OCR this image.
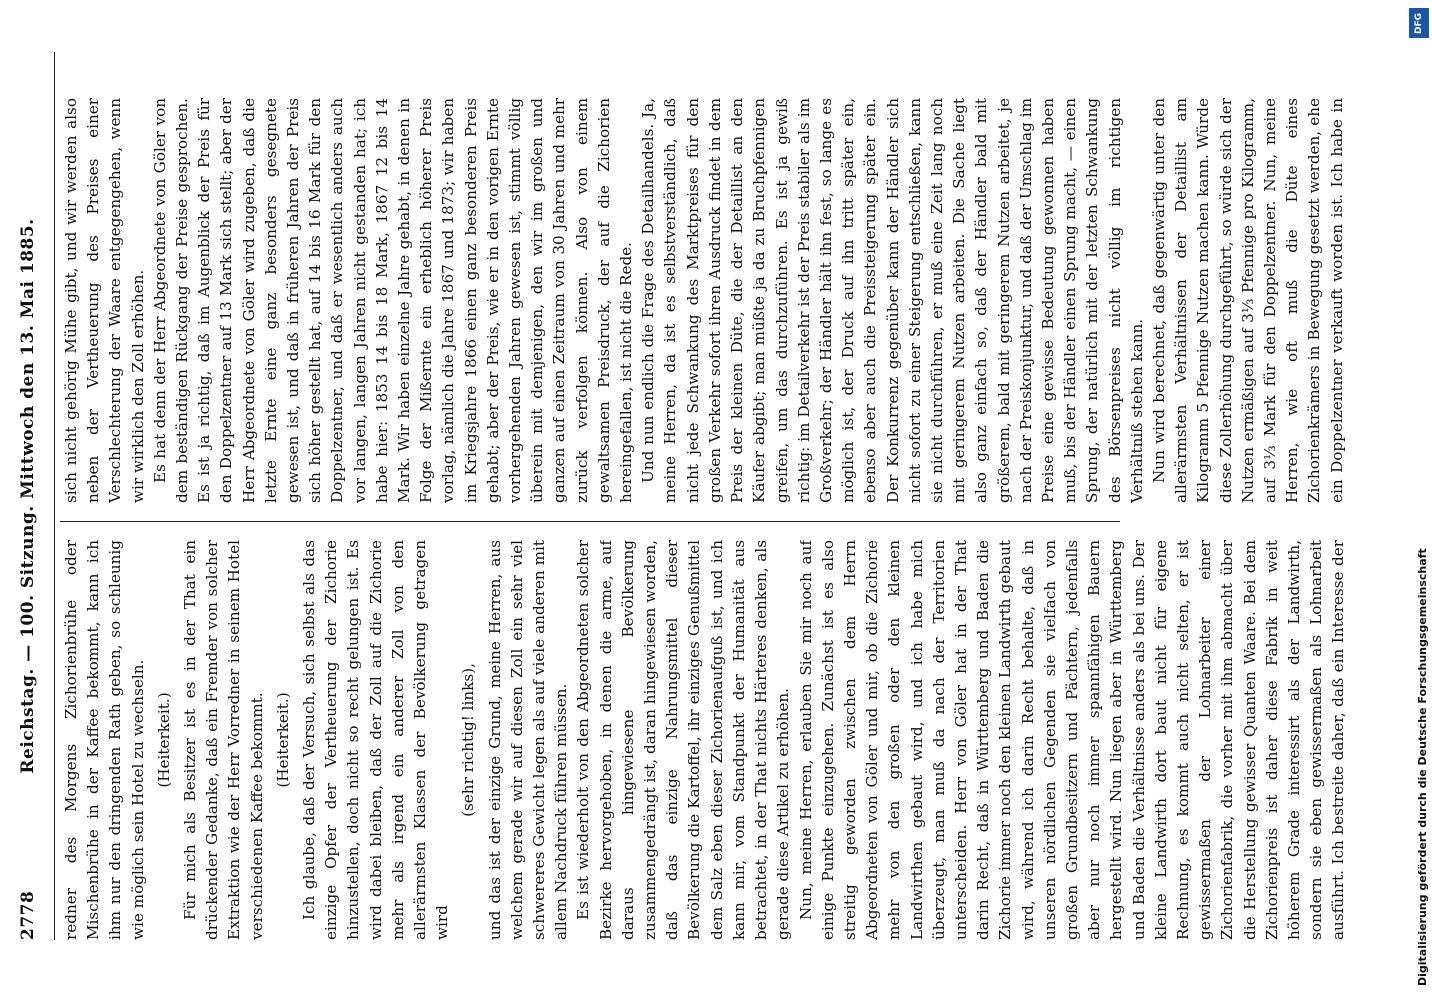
2778
Reichstag. — 100. Sitzung. Mittwoch den 13. Mai 1885. redner des Morgens Zichorienbrühe oder Mischenbrühe in der Kaffee bekommt, kann ich ihm nur den dringenden Rath geben, so schleunig wie möglich sein Hotel zu wechseln. (Heiterkeit.) Für mich als Besitzer ist es in der That ein drückender Gedanke, daß ein Fremder von solcher Extraktion wie der Herr Vorredner in seinem Hotel verschiedenen Kaffee bekommt. (Heiterkeit.) Ich glaube, daß der Versuch, sich selbst als das einzige Opfer der Vertheuerung der Zichorie hinzustellen, doch nicht so recht gelungen ist. Es wird dabei bleiben, daß der Zoll auf die Zichorie mehr als irgend ein anderer Zoll von den allerärmsten Klassen der Bevölkerung getragen wird

(sehr richtig! links), und das ist der einzige Grund, meine Herren, aus welchem gerade wir auf diesen Zoll ein sehr viel schwereres Gewicht legen als auf viele anderen mit allem Nachdruck führen müssen. Es ist wiederholt von den Abgeordneten solcher Bezirke hervorgehoben, in denen die arme, auf daraus hingewiesene Bevölkerung zusammengedrängt ist, daran hingewiesen worden, daß das einzige Nahrungsmittel dieser Bevölkerung die Kartoffel, ihr einziges Genußmittel dem Salz eben dieser Zichorienaufguß ist, und ich kann mir, vom Standpunkt der Humanität aus betrachtet, in der That nichts Härteres denken, als gerade diese Artikel zu erhöhen. Nun, meine Herren, erlauben Sie mir noch auf einige Punkte einzugehen. Zunächst ist es also streitig geworden zwischen dem Herrn Abgeordneten von Göler und mir, ob die Zichorie mehr von den großen oder den kleinen Landwirthen gebaut wird, und ich habe mich überzeugt, man muß da nach der Territorien unterscheiden. Herr von Göler hat in der That darin Recht, daß in Württemberg und Baden die Zichorie immer noch den kleinen Landwirth gebaut wird, während ich darin Recht behalte, daß in unseren nördlichen Gegenden sie vielfach von großen Grundbesitzern und Pächtern, jedenfalls aber nur noch immer spannfähigen Bauern hergestellt wird. Nun liegen aber in Württemberg und Baden die Verhältnisse anders als bei uns. Der kleine Landwirth dort baut nicht für eigene Rechnung, es kommt auch nicht selten, er ist gewissermaßen der Lohnarbeiter einer Zichorienfabrik, die vorher mit ihm abmacht über die Herstellung gewisser Quanten Waare. Bei dem Zichorienpreis ist daher diese Fabrik in weit höherem Grade interessirt als der Landwirth, sondern sie eben gewissermaßen als Lohnarbeit ausführt. Ich bestreite daher, daß ein Interesse der

sich nicht gehörig Mühe gibt, und wir werden also neben der Vertheuerung des Preises einer Verschlechterung der Waare entgegengehen, wenn wir wirklich den Zoll erhöhen. Es hat denn der Herr Abgeordnete von Göler von dem beständigen Rückgang der Preise gesprochen. Es ist ja richtig, daß im Augenblick der Preis für den Doppelzentner auf 13 Mark sich stellt; aber der Herr Abgeordnete von Göler wird zugeben, daß die letzte Ernte eine ganz besonders gesegnete gewesen ist, und daß in früheren Jahren der Preis sich höher gestellt hat, auf 14 bis 16 Mark für den Doppelzentner, und daß er wesentlich anders auch vor langen, langen Jahren nicht gestanden hat; ich habe hier: 1853 14 bis 18 Mark, 1867 12 bis 14 Mark. Wir haben einzelne Jahre gehabt, in denen in Folge der Mißernte ein erheblich höherer Preis vorlag, nämlich die Jahre 1867 und 1873; wir haben im Kriegsjahre 1866 einen ganz besonderen Preis gehabt; aber der Preis, wie er in den vorigen Ernte vorhergehenden Jahren gewesen ist, stimmt völlig überein mit demjenigen, den wir im großen und ganzen auf einen Zeitraum von 30 Jahren und mehr zurück verfolgen können. Also von einem gewaltsamen Preisdruck, der auf die Zichorien hereingefallen, ist nicht die Rede. Und nun endlich die Frage des Detailhandels. Ja, meine Herren, da ist es selbstverständlich, daß nicht jede Schwankung des Marktpreises für den großen Verkehr sofort ihren Ausdruck findet in dem Preis der kleinen Düte, die der Detaillist an den Käufer abgibt; man müßte ja da zu Bruchpfennigen greifen, um das durchzuführen. Es ist ja gewiß richtig: im Detailverkehr ist der Preis stabiler als im Großverkehr; der Händler hält ihn fest, so lange es möglich ist, der Druck auf ihn tritt später ein, ebenso aber auch die Preissteigerung später ein. Der Konkurrenz gegenüber kann der Händler sich nicht sofort zu einer Steigerung entschließen, kann sie nicht durchführen, er muß eine Zeit lang noch mit geringerem Nutzen arbeiten. Die Sache liegt also ganz einfach so, daß der Händler bald mit größerem, bald mit geringerem Nutzen arbeitet, je nach der Preiskonjunktur, und daß der Umschlag im Preise eine gewisse Bedeutung gewonnen haben muß, bis der Händler einen Sprung macht, — einen Sprung, der natürlich mit der letzten Schwankung des Börsenpreises nicht völlig im richtigen Verhältniß stehen kann. Nun wird berechnet, daß gegenwärtig unter den allerärmsten Verhältnissen der Detaillist am Kilogramm 5 Pfennige Nutzen machen kann. Würde diese Zollerhöhung durchgeführt, so würde sich der Nutzen ermäßigen auf 3⅓ Pfennige pro Kilogramm, auf 3⅓ Mark für den Doppelzentner. Nun, meine Herren, wie oft muß die Düte eines Zichorienkrämers in Bewegung gesetzt werden, ehe ein Doppelzentner verkauft worden ist. Ich habe in

Digitalisierung gefördert durch die Deutsche Forschungsgemeinschaft
DFG
